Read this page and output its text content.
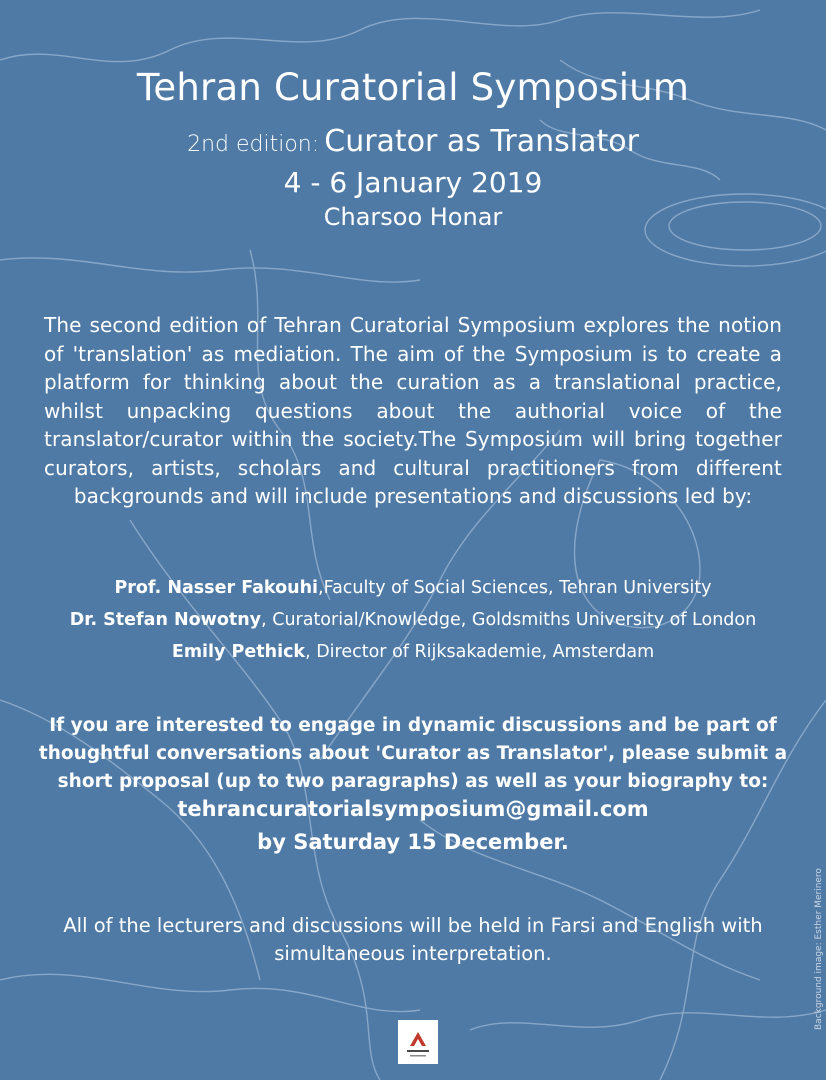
Tehran Curatorial Symposium
2nd edition: Curator as Translator
4 - 6 January 2019
Charsoo Honar

The second edition of Tehran Curatorial Symposium explores the notion of 'translation' as mediation. The aim of the Symposium is to create a platform for thinking about the curation as a translational practice, whilst unpacking questions about the authorial voice of the translator/curator within the society.The Symposium will bring together curators, artists, scholars and cultural practitioners from different backgrounds and will include presentations and discussions led by:

Prof. Nasser Fakouhi,Faculty of Social Sciences, Tehran University
Dr. Stefan Nowotny, Curatorial/Knowledge, Goldsmiths University of London
Emily Pethick, Director of Rijksakademie, Amsterdam

If you are interested to engage in dynamic discussions and be part of thoughtful conversations about 'Curator as Translator', please submit a short proposal (up to two paragraphs) as well as your biography to:

tehrancuratorialsymposium@gmail.com
by Saturday 15 December.

All of the lecturers and discussions will be held in Farsi and English with simultaneous interpretation.	Background image: Esther Merinero
